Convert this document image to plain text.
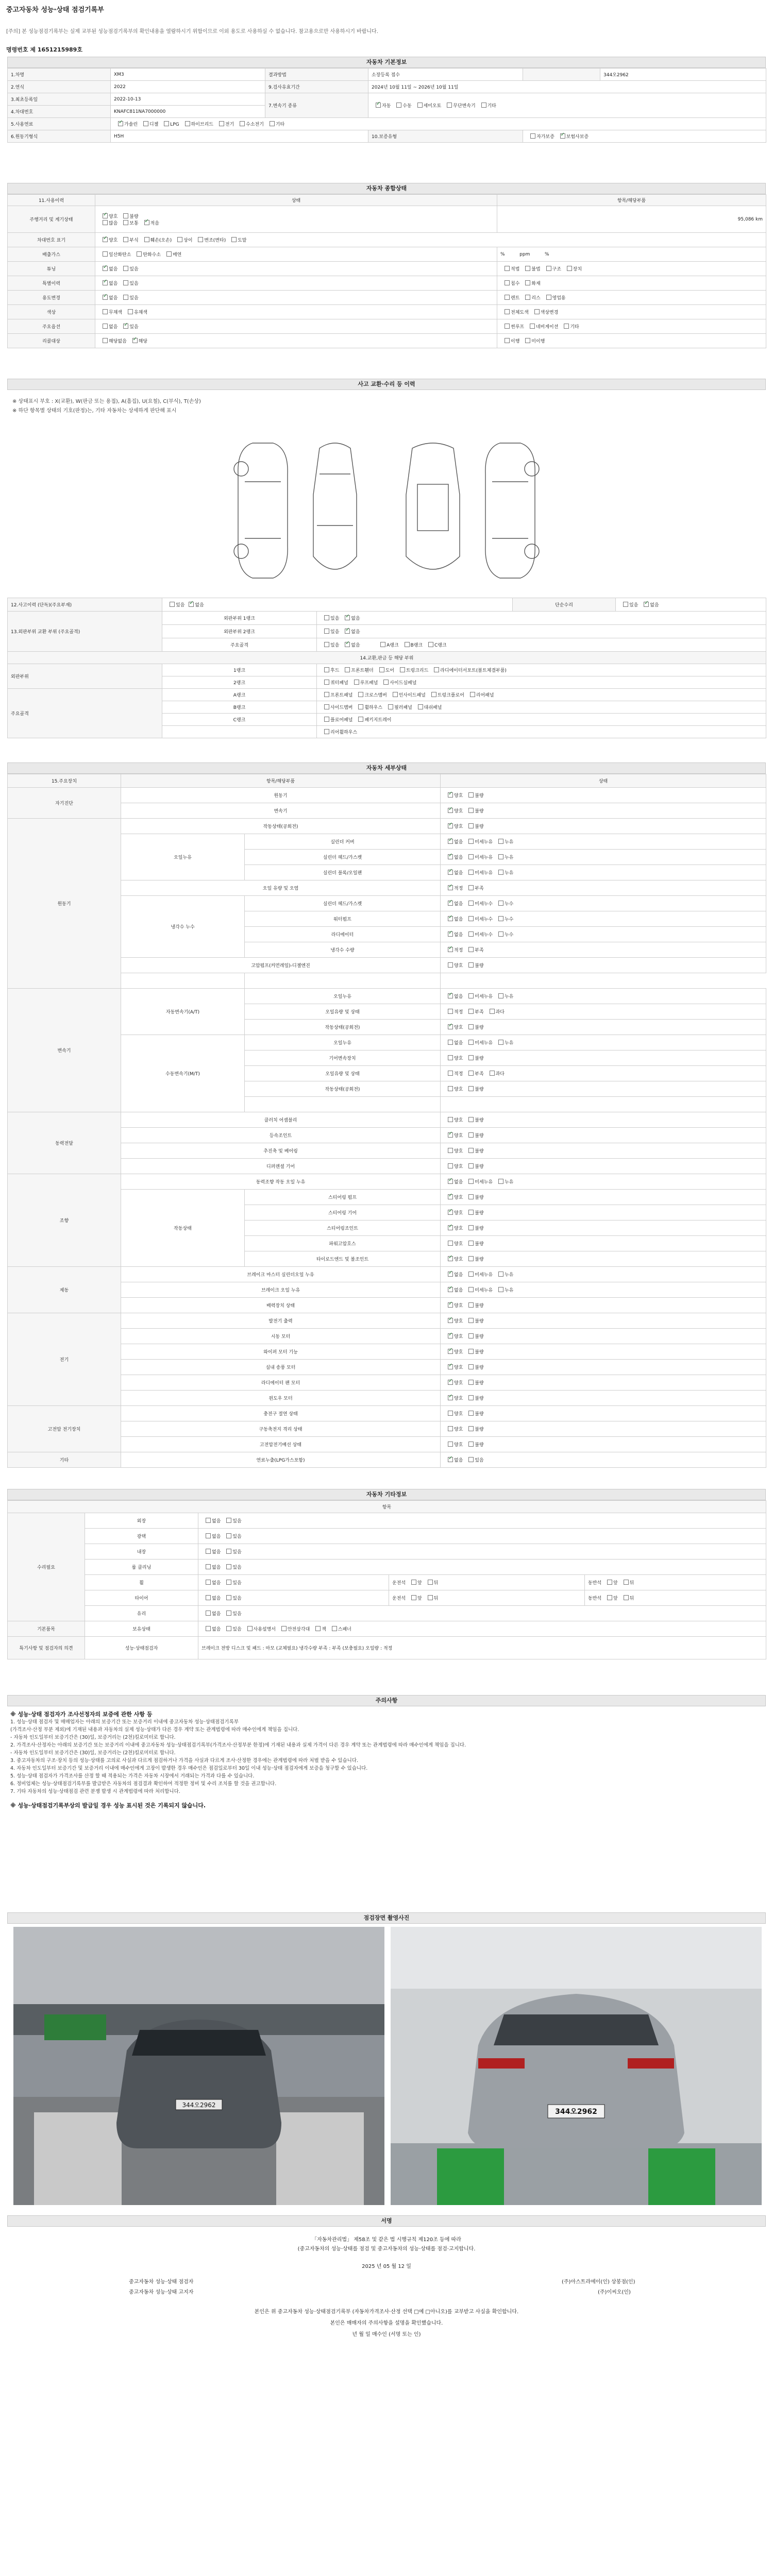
중고자동차 성능·상태 점검기록부
[주의] 본 성능점검기록부는 실제 교부된 성능점검기록부의 확인내용을 열람하시기 위함이므로 이외 용도로 사용하실 수 없습니다. 참고용으로만 사용하시기 바랍니다.
명령번호 제 1651215989호
자동차 기본정보
1.차명	XM3	결과방법	소장등록 접수		344오2962
2.연식	2022	9.검사유효기간	2024년 10월 11일 ~ 2026년 10월 11일		
3.최초등록일	2022-10-13	7.변속기 종류	✓자동 수동 세미오토 무단변속기 기타
4.차대번호	KNAFC811NA7000000				
5.사용연료	✓가솔린 디젤 LPG 하이브리드 전기 수소전기 기타
6.원동기형식	H5H		10.보증유형	자가보증 ✓ 보험사보증
자동차 종합상태
11.사용이력	상태	항목/해당부품
주행거리 및 계기상태	✓양호 불량
많음 보통 ✓적음	95,086 km
차대번호 표기	✓양호 부식 훼손(오손) 상이 변조(변타) 도말
배출가스	일산화탄소 탄화수소 매연	%          ppm          %
튜닝	✓없음 있음	적법 불법 구조 장치
특별이력	✓없음 있음	침수 화재
용도변경	✓없음 있음	렌트 리스 영업용
색상	무채색 유채색	전체도색 색상변경
주요옵션	없음 ✓있음	썬루프 네비게이션 기타
리콜대상	해당없음 ✓해당	이행 미이행
사고 교환·수리 등 이력
※ 상태표시 부호 : X(교환), W(판금 또는 용접), A(흠집), U(요철), C(부식), T(손상)
※ 하단 항목별 상태의 기호(판정)는, 기타 자동차는 상세하게 판단해 표시
12.사고이력 (단독)(주요부재)	있음 ✓ 없음		단순수리	있음 ✓없음
13.외판부위 교환 부위 (주요골격)	외판부위 1랭크	있음 ✓없음
	외판부위 2랭크	있음 ✓없음
	주요골격	있음 ✓없음           A랭크 B랭크 C랭크
14.교환,판금 등 해당 부위				
외판부위	1랭크	후드 프론트휀더 도어 트렁크리드 라디에이터서포트(볼트체결부품)		
	2랭크	쿼터패널 루프패널 사이드실패널		
주요골격	A랭크	프론트패널 크로스멤버 인사이드패널 트렁크플로어 리어패널		
	B랭크	사이드멤버 휠하우스 필러패널 대쉬패널		
	C랭크	플로어패널 패키지트레이		
		리어휠하우스		
자동차 세부상태
15.주요장치	항목/해당부품		상태
자기진단	원동기	✓양호 불량
	변속기	✓양호 불량
원동기	작동상태(공회전)	✓양호 불량
	오일누유	실린더 커버	✓없음 미세누유 누유
		실린더 헤드/가스켓	✓없음 미세누유 누유
		실린더 블록/오일팬	✓없음 미세누유 누유
	오일 유량 및 오염	✓적정 부족
	냉각수 누수	실린더 헤드/가스켓	✓없음 미세누수 누수
		워터펌프	✓없음 미세누수 누수
		라디에이터	✓없음 미세누수 누수
		냉각수 수량	✓적정 부족
	고압펌프(커먼레일)-디젤엔진		양호 불량

변속기	자동변속기(A/T)	오일누유	✓없음 미세누유 누유
		오일유량 및 상태	적정 부족 과다
		작동상태(공회전)	✓양호 불량
	수동변속기(M/T)	오일누유	없음 미세누유 누유
		기어변속장치	양호 불량
		오일유량 및 상태	적정 부족 과다
		작동상태(공회전)	양호 불량

동력전달	클러치 어셈블리		양호 불량
	등속조인트	✓양호 불량
	추진축 및 베어링		양호 불량
	디퍼렌셜 기어		양호 불량
조향	동력조향 작동 오일 누유	✓없음 미세누유 누유
	작동상태	스티어링 펌프	✓양호 불량
		스티어링 기어	✓양호 불량
		스티어링조인트	✓양호 불량
		파워고압호스	양호 불량
		타이로드엔드 및 볼조인트	✓양호 불량
제동	브레이크 마스터 실린더오일 누유	✓없음 미세누유 누유
	브레이크 오일 누유	✓없음 미세누유 누유
	배력장치 상태	✓양호 불량
전기	발전기 출력	✓양호 불량
	시동 모터	✓양호 불량
	와이퍼 모터 기능	✓양호 불량
	실내 송풍 모터	✓양호 불량
	라디에이터 팬 모터	✓양호 불량
	윈도우 모터	✓양호 불량
고전압 전기장치	충전구 절연 상태		양호 불량
	구동축전지 격리 상태		양호 불량
	고전압전기배선 상태		양호 불량
기타	연료누출(LPG가스포함)	✓없음 있음
자동차 기타정보
항목				
수리필요	외장	없음 있음		
	광택	없음 있음		
	내장	없음 있음		
	룸 클리닝	없음 있음		
	휠	없음 있음	운전석 앞 뒤	동반석 앞 뒤
	타이어	없음 있음	운전석 앞 뒤	동반석 앞 뒤
	유리	없음 있음		
기본품목	보유상태	없음 있음 사용설명서 안전삼각대 잭 스패너		
특기사항 및 점검자의 의견	성능·상태점검자	브레이크 전방 디스크 및 패드 : 마모 (교체필요) 냉각수량 부족 : 부족 (보충필요) 오일량 : 적정		
주의사항
※ 성능·상태 점검자가 조사선정자의 보증에 관한 사항 등
1. 성능·상태 점검자 및 매매업자는 아래의 보증기간 또는 보증거리 이내에 중고자동차 성능·상태점검기록부
(가격조사·산정 부분 제외)에 기재된 내용과 자동차의 실제 성능·상태가 다른 경우 계약 또는 관계법령에 따라 매수인에게 책임을 집니다.
- 자동차 인도일부터 보증기간은 (30)일, 보증거리는 (2천)킬로미터로 합니다.
2. 가격조사·산정자는 아래의 보증기간 또는 보증거리 이내에 중고자동차 성능·상태점검기록부(가격조사·산정부분 한정)에 기재된 내용과 실제 가격이 다른 경우 계약 또는 관계법령에 따라 매수인에게 책임을 집니다.
- 자동차 인도일부터 보증기간은 (30)일, 보증거리는 (2천)킬로미터로 합니다.
3. 중고자동차의 구조·장치 등의 성능·상태를 고의로 사실과 다르게 점검하거나 가격을 사실과 다르게 조사·산정한 경우에는 관계법령에 따라 처벌 받을 수 있습니다.
4. 자동차 인도일부터 보증기간 및 보증거리 이내에 매수인에게 고장이 발생한 경우 매수인은 점검일로부터 30일 이내 성능·상태 점검자에게 보증을 청구할 수 있습니다.
5. 성능·상태 점검자가 가격조사를 산정 할 때 적용되는 가격은 자동차 시장에서 거래되는 가격과 다를 수 있습니다.
6. 정비업체는 성능·상태점검기록부를 발급받은 자동차의 점검결과 확인하여 적정한 정비 및 수리 조치를 할 것을 권고합니다.
7. 기타 자동차의 성능·상태점검 관련 분쟁 발생 시 관계법령에 따라 처리합니다.
※ 성능·상태점검기록부상의 발급일 경우 성능 표시된 것은 기록되지 않습니다.
점검장면 촬영사진
344오2962
344오2962
서명
「자동차관리법」 제58조 및 같은 법 시행규칙 제120조 등에 따라
(중고자동차의 성능·상태를 점검 및 중고자동차의 성능·상태를 점검·고지합니다.
2025 년 05 월 12 일
중고자동차 성능·상태 점검자
중고자동차 성능·상태 고지자
(주)아스트라에이(인) 상봉점(인)
(주)이씨오(인)
본인은 위 중고자동차 성능·상태점검기록부 (자동차가격조사·산정 선택 □예 □아니오)를 교부받고 사실을 확인합니다.
본인은 매매자의 주의사항을 설명을 확인했습니다.
년 월 일 매수인 (서명 또는 인)
